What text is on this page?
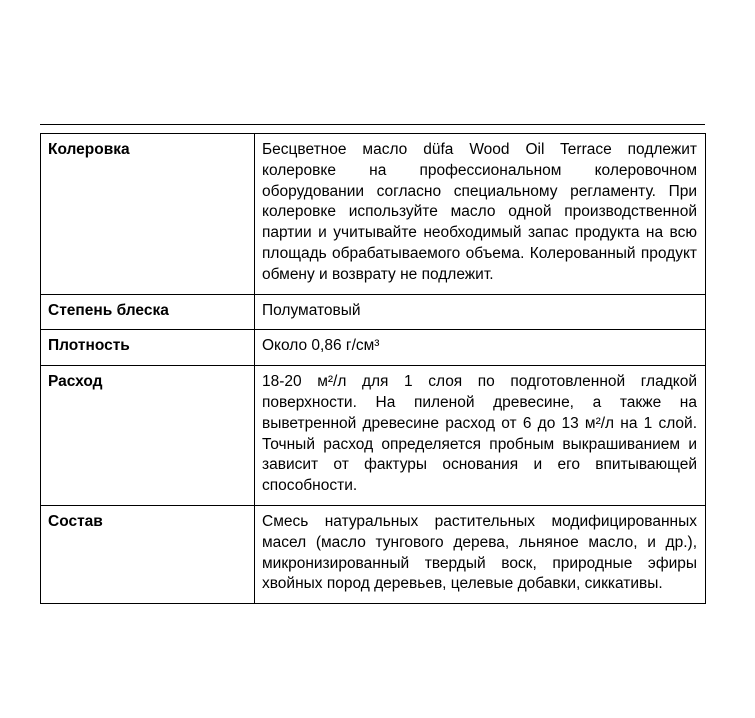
Колеровка	Бесцветное масло düfa Wood Oil Terrace подлежит колеровке на профессиональном колеровочном оборудовании согласно специальному регламенту. При колеровке используйте масло одной производственной партии и учитывайте необходимый запас продукта на всю площадь обрабатываемого объема. Колерованный продукт обмену и возврату не подлежит.
Степень блеска	Полуматовый
Плотность	Около 0,86 г/см³
Расход	18-20 м²/л для 1 слоя по подготовленной гладкой поверхности. На пиленой древесине, а также на выветренной древесине расход от 6 до 13 м²/л на 1 слой. Точный расход определяется пробным выкрашиванием и зависит от фактуры основания и его впитывающей способности.
Состав	Смесь натуральных растительных модифицированных масел (масло тунгового дерева, льняное масло, и др.), микронизированный твердый воск, природные эфиры хвойных пород деревьев, целевые добавки, сиккативы.
